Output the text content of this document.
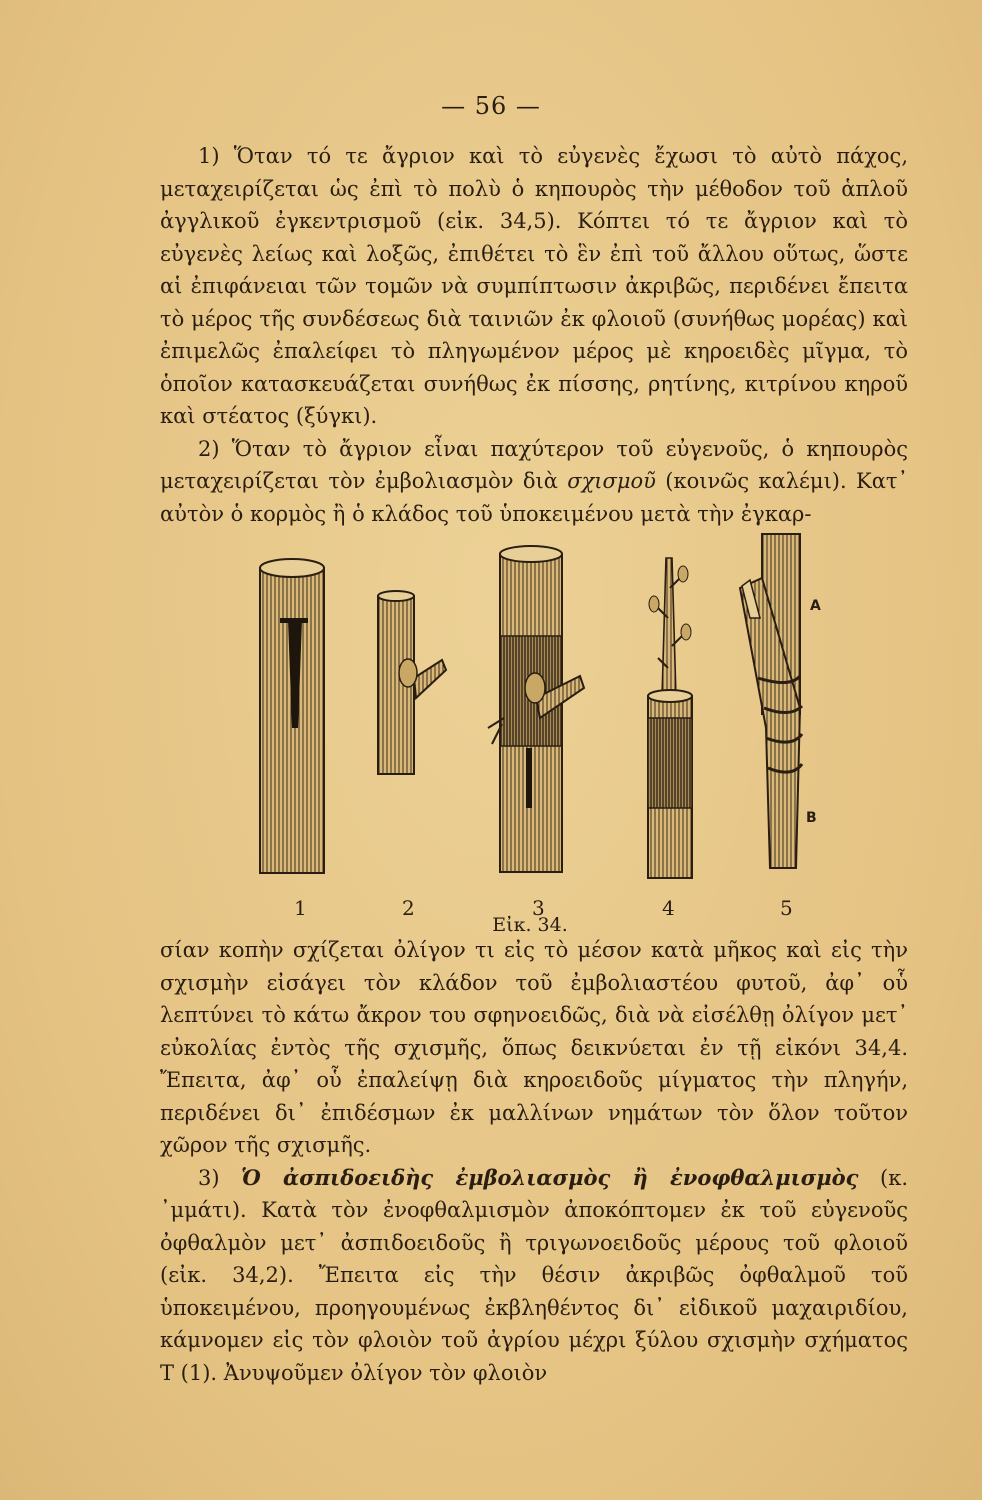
— 56 —

1) Ὅταν τό τε ἄγριον καὶ τὸ εὐγενὲς ἔχωσι τὸ αὐτὸ πάχος, μεταχειρίζεται ὡς ἐπὶ τὸ πολὺ ὁ κηπουρὸς τὴν μέθοδον τοῦ ἁπλοῦ ἀγγλικοῦ ἐγκεντρισμοῦ (εἰκ. 34,5). Κόπτει τό τε ἄγριον καὶ τὸ εὐγενὲς λείως καὶ λοξῶς, ἐπιθέτει τὸ ἓν ἐπὶ τοῦ ἄλλου οὕτως, ὥστε αἱ ἐπιφάνειαι τῶν τομῶν νὰ συμπίπτωσιν ἀκριβῶς, περιδένει ἔπειτα τὸ μέρος τῆς συνδέσεως διὰ ταινιῶν ἐκ φλοιοῦ (συνήθως μορέας) καὶ ἐπιμελῶς ἐπαλείφει τὸ πληγωμένον μέρος μὲ κηροειδὲς μῖγμα, τὸ ὁποῖον κατασκευάζεται συνήθως ἐκ πίσσης, ρητίνης, κιτρίνου κηροῦ καὶ στέατος (ξύγκι).

2) Ὅταν τὸ ἄγριον εἶναι παχύτερον τοῦ εὐγενοῦς, ὁ κηπουρὸς μεταχειρίζεται τὸν ἐμβολιασμὸν διὰ σχισμοῦ (κοινῶς καλέμι). Κατ᾿ αὐτὸν ὁ κορμὸς ἢ ὁ κλάδος τοῦ ὑποκειμένου μετὰ τὴν ἐγκαρ-

A
B
1	2	3	4	5
Εἰκ. 34.

σίαν κοπὴν σχίζεται ὀλίγον τι εἰς τὸ μέσον κατὰ μῆκος καὶ εἰς τὴν σχισμὴν εἰσάγει τὸν κλάδον τοῦ ἐμβολιαστέου φυτοῦ, ἀφ᾿ οὗ λεπτύνει τὸ κάτω ἄκρον του σφηνοειδῶς, διὰ νὰ εἰσέλθῃ ὀλίγον μετ᾿ εὐκολίας ἐντὸς τῆς σχισμῆς, ὅπως δεικνύεται ἐν τῇ εἰκόνι 34,4. Ἔπειτα, ἀφ᾿ οὗ ἐπαλείψῃ διὰ κηροειδοῦς μίγματος τὴν πληγήν, περιδένει δι᾿ ἐπιδέσμων ἐκ μαλλίνων νημάτων τὸν ὅλον τοῦτον χῶρον τῆς σχισμῆς.

3) Ὁ ἀσπιδοειδὴς ἐμβολιασμὸς ἢ ἐνοφθαλμισμὸς (κ. ᾿μμάτι). Κατὰ τὸν ἐνοφθαλμισμὸν ἀποκόπτομεν ἐκ τοῦ εὐγενοῦς ὀφθαλμὸν μετ᾿ ἀσπιδοειδοῦς ἢ τριγωνοειδοῦς μέρους τοῦ φλοιοῦ (εἰκ. 34,2). Ἔπειτα εἰς τὴν θέσιν ἀκριβῶς ὀφθαλμοῦ τοῦ ὑποκειμένου, προηγουμένως ἐκβληθέντος δι᾿ εἰδικοῦ μαχαιριδίου, κάμνομεν εἰς τὸν φλοιὸν τοῦ ἀγρίου μέχρι ξύλου σχισμὴν σχήματος Τ (1). Ἀνυψοῦμεν ὀλίγον τὸν φλοιὸν
